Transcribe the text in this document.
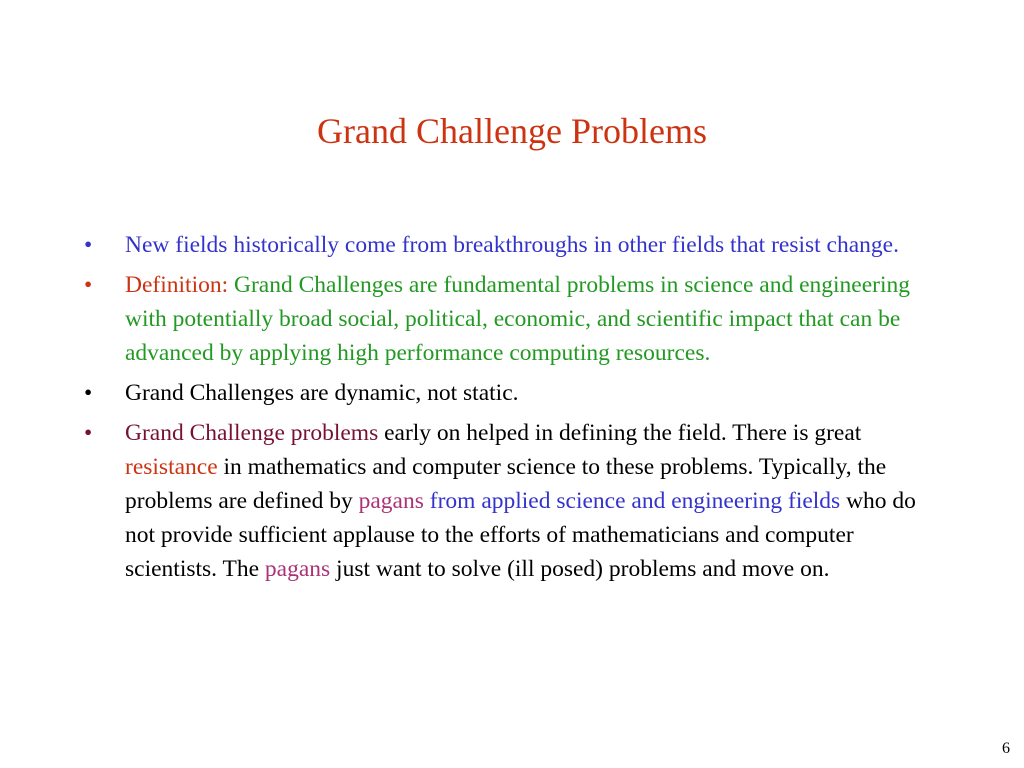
Grand Challenge Problems
• New fields historically come from breakthroughs in other fields that resist change.
• Definition: Grand Challenges are fundamental problems in science and engineering with potentially broad social, political, economic, and scientific impact that can be advanced by applying high performance computing resources.
• Grand Challenges are dynamic, not static.
• Grand Challenge problems early on helped in defining the field. There is great resistance in mathematics and computer science to these problems. Typically, the problems are defined by pagans from applied science and engineering fields who do not provide sufficient applause to the efforts of mathematicians and computer scientists. The pagans just want to solve (ill posed) problems and move on.
6
